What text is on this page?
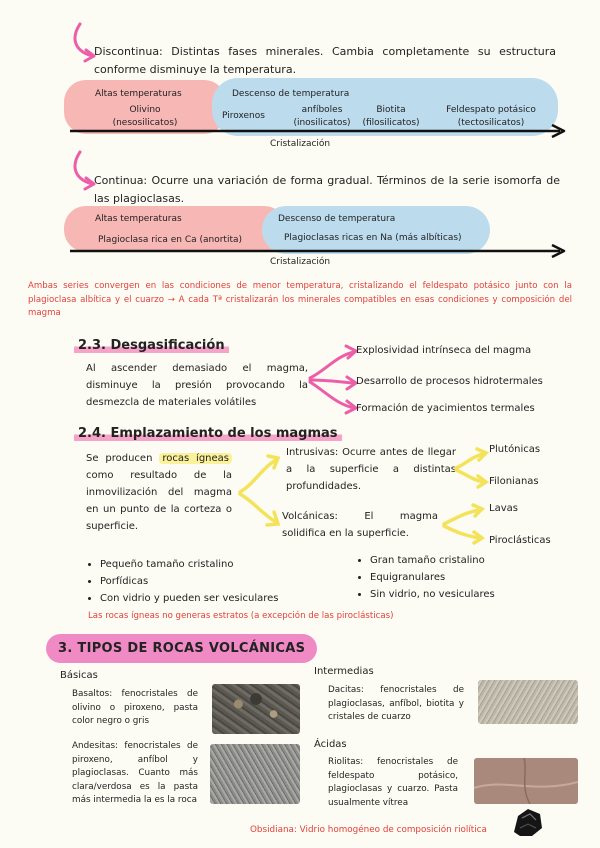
Discontinua: Distintas fases minerales. Cambia completamente su estructura conforme disminuye la temperatura.
Altas temperaturas
Olivino
(nesosilicatos)
Descenso de temperatura
Piroxenos
anfíboles
(inosilicatos)
Biotita
(filosilicatos)
Feldespato potásico
(tectosilicatos)
Cristalización
Continua: Ocurre una variación de forma gradual. Términos de la serie isomorfa de las plagioclasas.
Altas temperaturas
Plagioclasa rica en Ca (anortita)
Descenso de temperatura
Plagioclasas ricas en Na (más albíticas)
Cristalización
Ambas series convergen en las condiciones de menor temperatura, cristalizando el feldespato potásico junto con la plagioclasa albítica y el cuarzo → A cada Tª cristalizarán los minerales compatibles en esas condiciones y composición del magma
2.3. Desgasificación
Al ascender demasiado el magma, disminuye la presión provocando la desmezcla de materiales volátiles
Explosividad intrínseca del magma
Desarrollo de procesos hidrotermales
Formación de yacimientos termales
2.4. Emplazamiento de los magmas
Se producen rocas ígneas como resultado de la inmovilización del magma en un punto de la corteza o superficie.
Intrusivas: Ocurre antes de llegar a la superficie a distintas profundidades.
Volcánicas: El magma solidifica en la superficie.
Plutónicas
Filonianas
Lavas
Piroclásticas
• Pequeño tamaño cristalino
• Porfídicas
• Con vidrio y pueden ser vesiculares
• Gran tamaño cristalino
• Equigranulares
• Sin vidrio, no vesiculares
Las rocas ígneas no generas estratos (a excepción de las piroclásticas)
3. TIPOS DE ROCAS VOLCÁNICAS
Básicas
Basaltos: fenocristales de olivino o piroxeno, pasta color negro o gris
Andesitas: fenocristales de piroxeno, anfíbol y plagioclasas. Cuanto más clara/verdosa es la pasta más intermedia la es la roca
Intermedias
Dacitas: fenocristales de plagioclasas, anfíbol, biotita y cristales de cuarzo
Ácidas
Riolitas: fenocristales de feldespato potásico, plagioclasas y cuarzo. Pasta usualmente vítrea
Obsidiana: Vidrio homogéneo de composición riolítica
